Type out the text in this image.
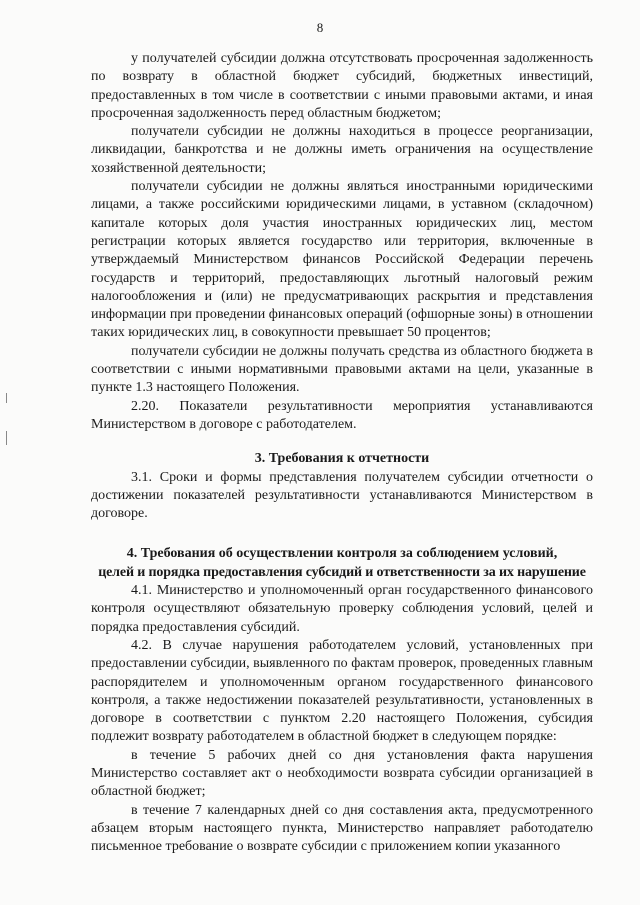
8

у получателей субсидии должна отсутствовать просроченная задолженность по возврату в областной бюджет субсидий, бюджетных инвестиций, предоставленных в том числе в соответствии с иными правовыми актами, и иная просроченная задолженность перед областным бюджетом;

получатели субсидии не должны находиться в процессе реорганизации, ликвидации, банкротства и не должны иметь ограничения на осуществление хозяйственной деятельности;

получатели субсидии не должны являться иностранными юридическими лицами, а также российскими юридическими лицами, в уставном (складочном) капитале которых доля участия иностранных юридических лиц, местом регистрации которых является государство или территория, включенные в утверждаемый Министерством финансов Российской Федерации перечень государств и территорий, предоставляющих льготный налоговый режим налогообложения и (или) не предусматривающих раскрытия и представления информации при проведении финансовых операций (офшорные зоны) в отношении таких юридических лиц, в совокупности превышает 50 процентов;

получатели субсидии не должны получать средства из областного бюджета в соответствии с иными нормативными правовыми актами на цели, указанные в пункте 1.3 настоящего Положения.

2.20. Показатели результативности мероприятия устанавливаются Министерством в договоре с работодателем.

3. Требования к отчетности

3.1. Сроки и формы представления получателем субсидии отчетности о достижении показателей результативности устанавливаются Министерством в договоре.

4. Требования об осуществлении контроля за соблюдением условий,
целей и порядка предоставления субсидий и ответственности за их нарушение

4.1. Министерство и уполномоченный орган государственного финансового контроля осуществляют обязательную проверку соблюдения условий, целей и порядка предоставления субсидий.

4.2. В случае нарушения работодателем условий, установленных при предоставлении субсидии, выявленного по фактам проверок, проведенных главным распорядителем и уполномоченным органом государственного финансового контроля, а также недостижении показателей результативности, установленных в договоре в соответствии с пунктом 2.20 настоящего Положения, субсидия подлежит возврату работодателем в областной бюджет в следующем порядке:

в течение 5 рабочих дней со дня установления факта нарушения Министерство составляет акт о необходимости возврата субсидии организацией в областной бюджет;

в течение 7 календарных дней со дня составления акта, предусмотренного абзацем вторым настоящего пункта, Министерство направляет работодателю письменное требование о возврате субсидии с приложением копии указанного
